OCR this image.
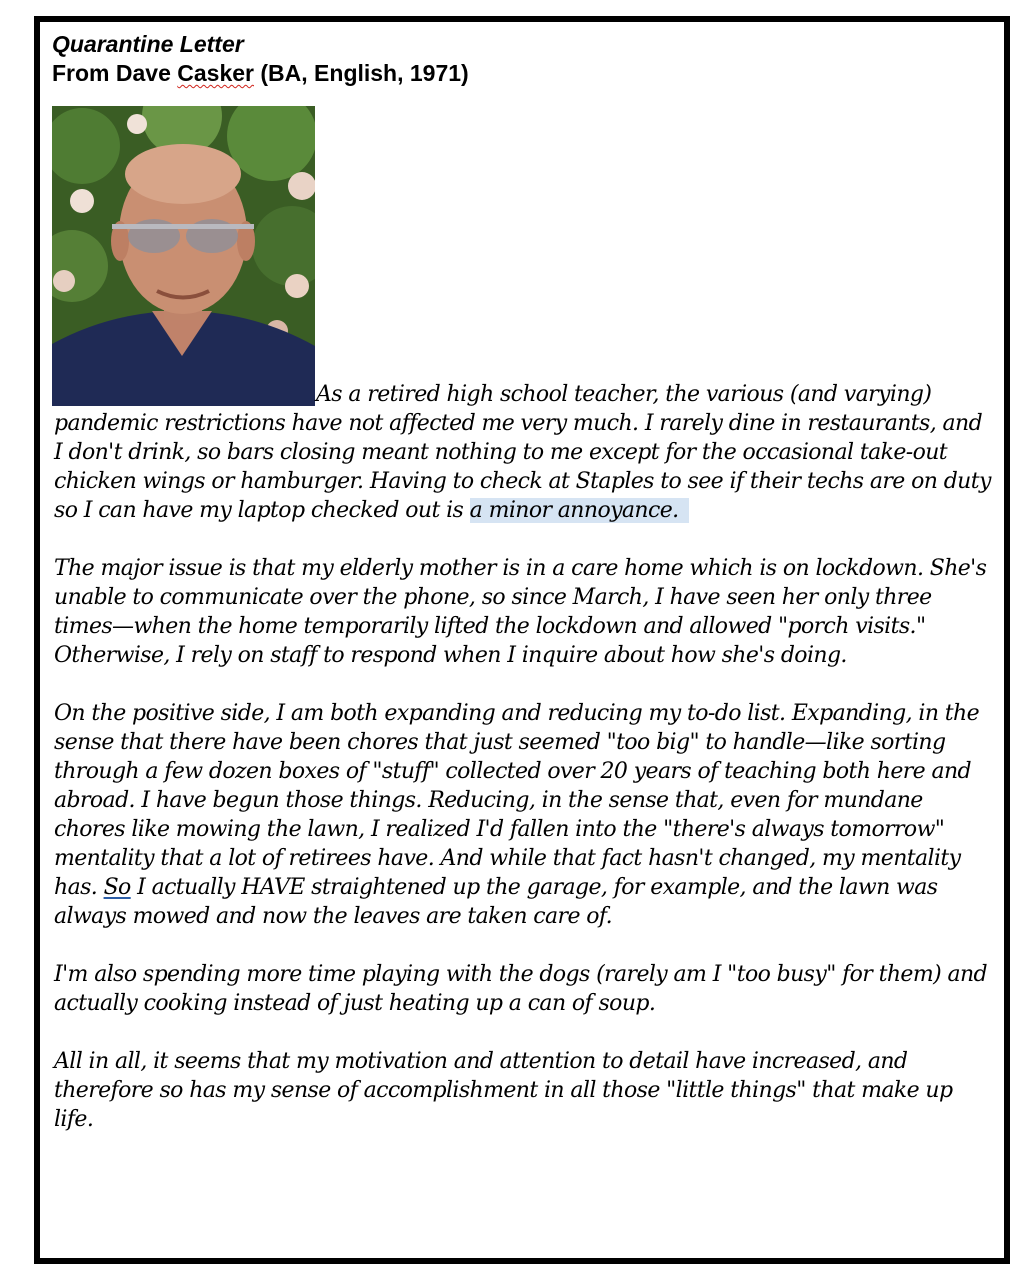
Quarantine Letter
From Dave Casker (BA, English, 1971)

As a retired high school teacher, the various (and varying) pandemic restrictions have not affected me very much. I rarely dine in restaurants, and I don't drink, so bars closing meant nothing to me except for the occasional take-out chicken wings or hamburger. Having to check at Staples to see if their techs are on duty so I can have my laptop checked out is a minor annoyance.

The major issue is that my elderly mother is in a care home which is on lockdown. She's unable to communicate over the phone, so since March, I have seen her only three times—when the home temporarily lifted the lockdown and allowed "porch visits." Otherwise, I rely on staff to respond when I inquire about how she's doing.

On the positive side, I am both expanding and reducing my to-do list. Expanding, in the sense that there have been chores that just seemed "too big" to handle—like sorting through a few dozen boxes of "stuff" collected over 20 years of teaching both here and abroad. I have begun those things. Reducing, in the sense that, even for mundane chores like mowing the lawn, I realized I'd fallen into the "there's always tomorrow" mentality that a lot of retirees have. And while that fact hasn't changed, my mentality has. So I actually HAVE straightened up the garage, for example, and the lawn was always mowed and now the leaves are taken care of.

I'm also spending more time playing with the dogs (rarely am I "too busy" for them) and actually cooking instead of just heating up a can of soup.

All in all, it seems that my motivation and attention to detail have increased, and therefore so has my sense of accomplishment in all those "little things" that make up life.
